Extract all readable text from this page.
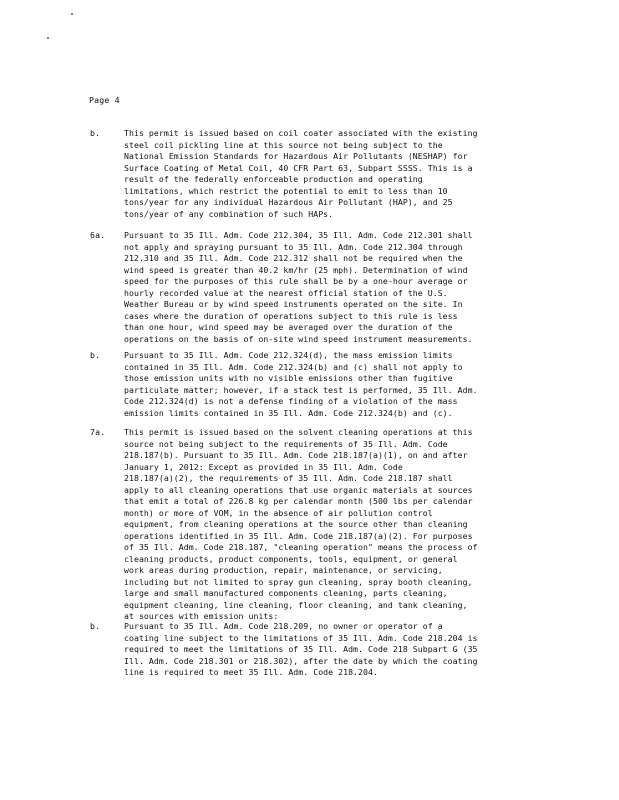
Page 4
b.	This permit is issued based on coil coater associated with the existing
steel coil pickling line at this source not being subject to the
National Emission Standards for Hazardous Air Pollutants (NESHAP) for
Surface Coating of Metal Coil, 40 CFR Part 63, Subpart SSSS. This is a
result of the federally enforceable production and operating
limitations, which restrict the potential to emit to less than 10
tons/year for any individual Hazardous Air Pollutant (HAP), and 25
tons/year of any combination of such HAPs.
6a. Pursuant to 35 Ill. Adm. Code 212.304, 35 Ill. Adm. Code 212.301 shall
not apply and spraying pursuant to 35 Ill. Adm. Code 212.304 through
212.310 and 35 Ill. Adm. Code 212.312 shall not be required when the
wind speed is greater than 40.2 km/hr (25 mph). Determination of wind
speed for the purposes of this rule shall be by a one-hour average or
hourly recorded value at the nearest official station of the U.S.
Weather Bureau or by wind speed instruments operated on the site. In
cases where the duration of operations subject to this rule is less
than one hour, wind speed may be averaged over the duration of the
operations on the basis of on-site wind speed instrument measurements.
b.	Pursuant to 35 Ill. Adm. Code 212.324(d), the mass emission limits
contained in 35 Ill. Adm. Code 212.324(b) and (c) shall not apply to
those emission units with no visible emissions other than fugitive
particulate matter; however, if a stack test is performed, 35 Ill. Adm.
Code 212.324(d) is not a defense finding of a violation of the mass
emission limits contained in 35 Ill. Adm. Code 212.324(b) and (c).
7a. This permit is issued based on the solvent cleaning operations at this
source not being subject to the requirements of 35 Ill. Adm. Code
218.187(b). Pursuant to 35 Ill. Adm. Code 218.187(a)(1), on and after
January 1, 2012: Except as provided in 35 Ill. Adm. Code
218.187(a)(2), the requirements of 35 Ill. Adm. Code 218.187 shall
apply to all cleaning operations that use organic materials at sources
that emit a total of 226.8 kg per calendar month (500 lbs per calendar
month) or more of VOM, in the absence of air pollution control
equipment, from cleaning operations at the source other than cleaning
operations identified in 35 Ill. Adm. Code 218.187(a)(2). For purposes
of 35 Ill. Adm. Code 218.187, "cleaning operation" means the process of
cleaning products, product components, tools, equipment, or general
work areas during production, repair, maintenance, or servicing,
including but not limited to spray gun cleaning, spray booth cleaning,
large and small manufactured components cleaning, parts cleaning,
equipment cleaning, line cleaning, floor cleaning, and tank cleaning,
at sources with emission units:
b.	Pursuant to 35 Ill. Adm. Code 218.209, no owner or operator of a
coating line subject to the limitations of 35 Ill. Adm. Code 218.204 is
required to meet the limitations of 35 Ill. Adm. Code 218 Subpart G (35
Ill. Adm. Code 218.301 or 218.302), after the date by which the coating
line is required to meet 35 Ill. Adm. Code 218.204.
